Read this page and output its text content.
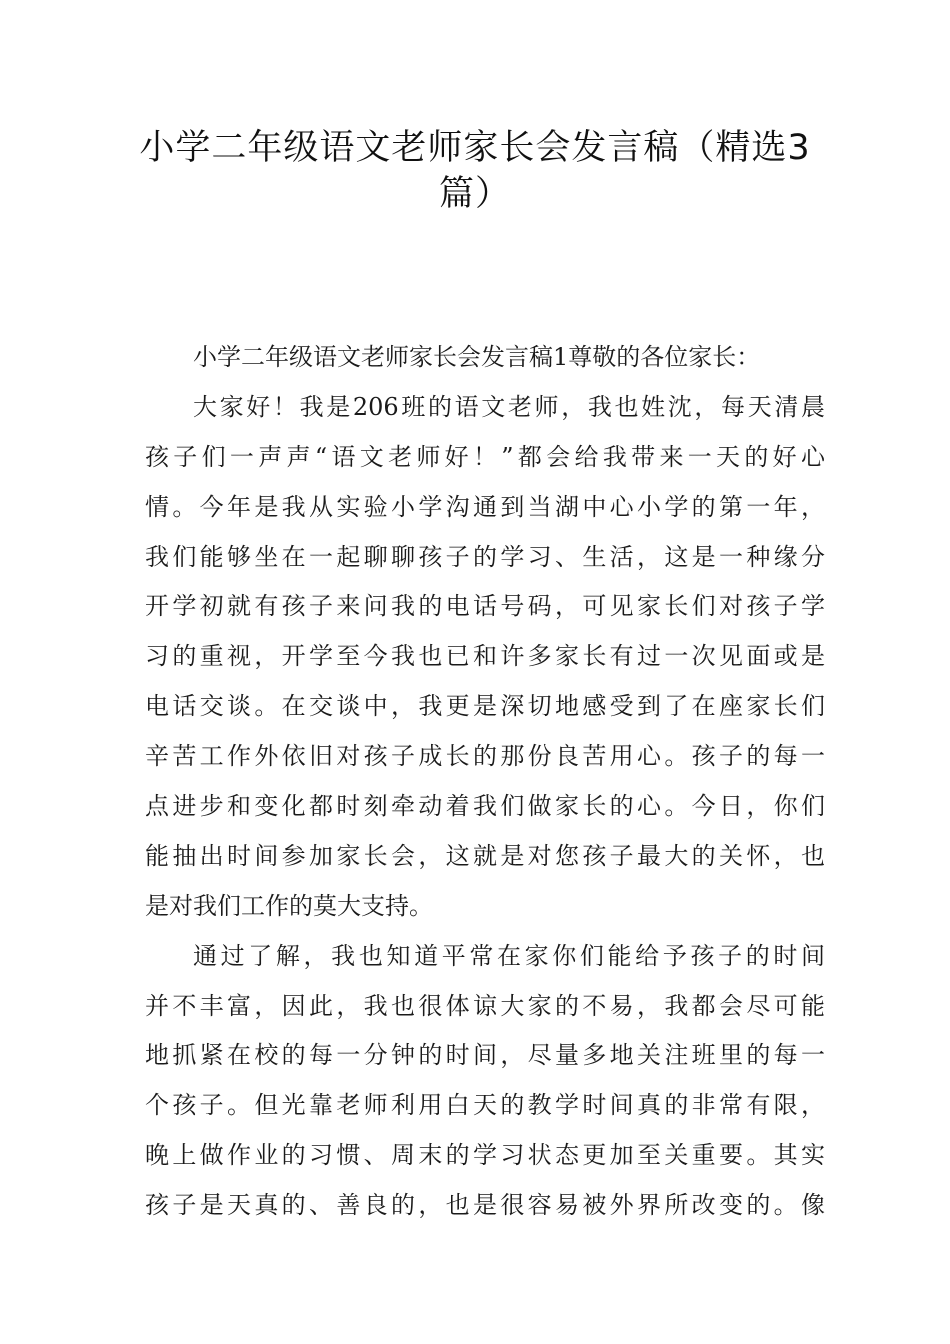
小学二年级语文老师家长会发言稿（精选3
篇）
小学二年级语文老师家长会发言稿1尊敬的各位家长：
大家好！我是206班的语文老师，我也姓沈，每天清晨
孩子们一声声“语文老师好！”都会给我带来一天的好心
情。今年是我从实验小学沟通到当湖中心小学的第一年，
我们能够坐在一起聊聊孩子的学习、生活，这是一种缘分
开学初就有孩子来问我的电话号码，可见家长们对孩子学
习的重视，开学至今我也已和许多家长有过一次见面或是
电话交谈。在交谈中，我更是深切地感受到了在座家长们
辛苦工作外依旧对孩子成长的那份良苦用心。孩子的每一
点进步和变化都时刻牵动着我们做家长的心。今日，你们
能抽出时间参加家长会，这就是对您孩子最大的关怀，也
是对我们工作的莫大支持。
通过了解，我也知道平常在家你们能给予孩子的时间
并不丰富，因此，我也很体谅大家的不易，我都会尽可能
地抓紧在校的每一分钟的时间，尽量多地关注班里的每一
个孩子。但光靠老师利用白天的教学时间真的非常有限，
晚上做作业的习惯、周末的学习状态更加至关重要。其实
孩子是天真的、善良的，也是很容易被外界所改变的。像
